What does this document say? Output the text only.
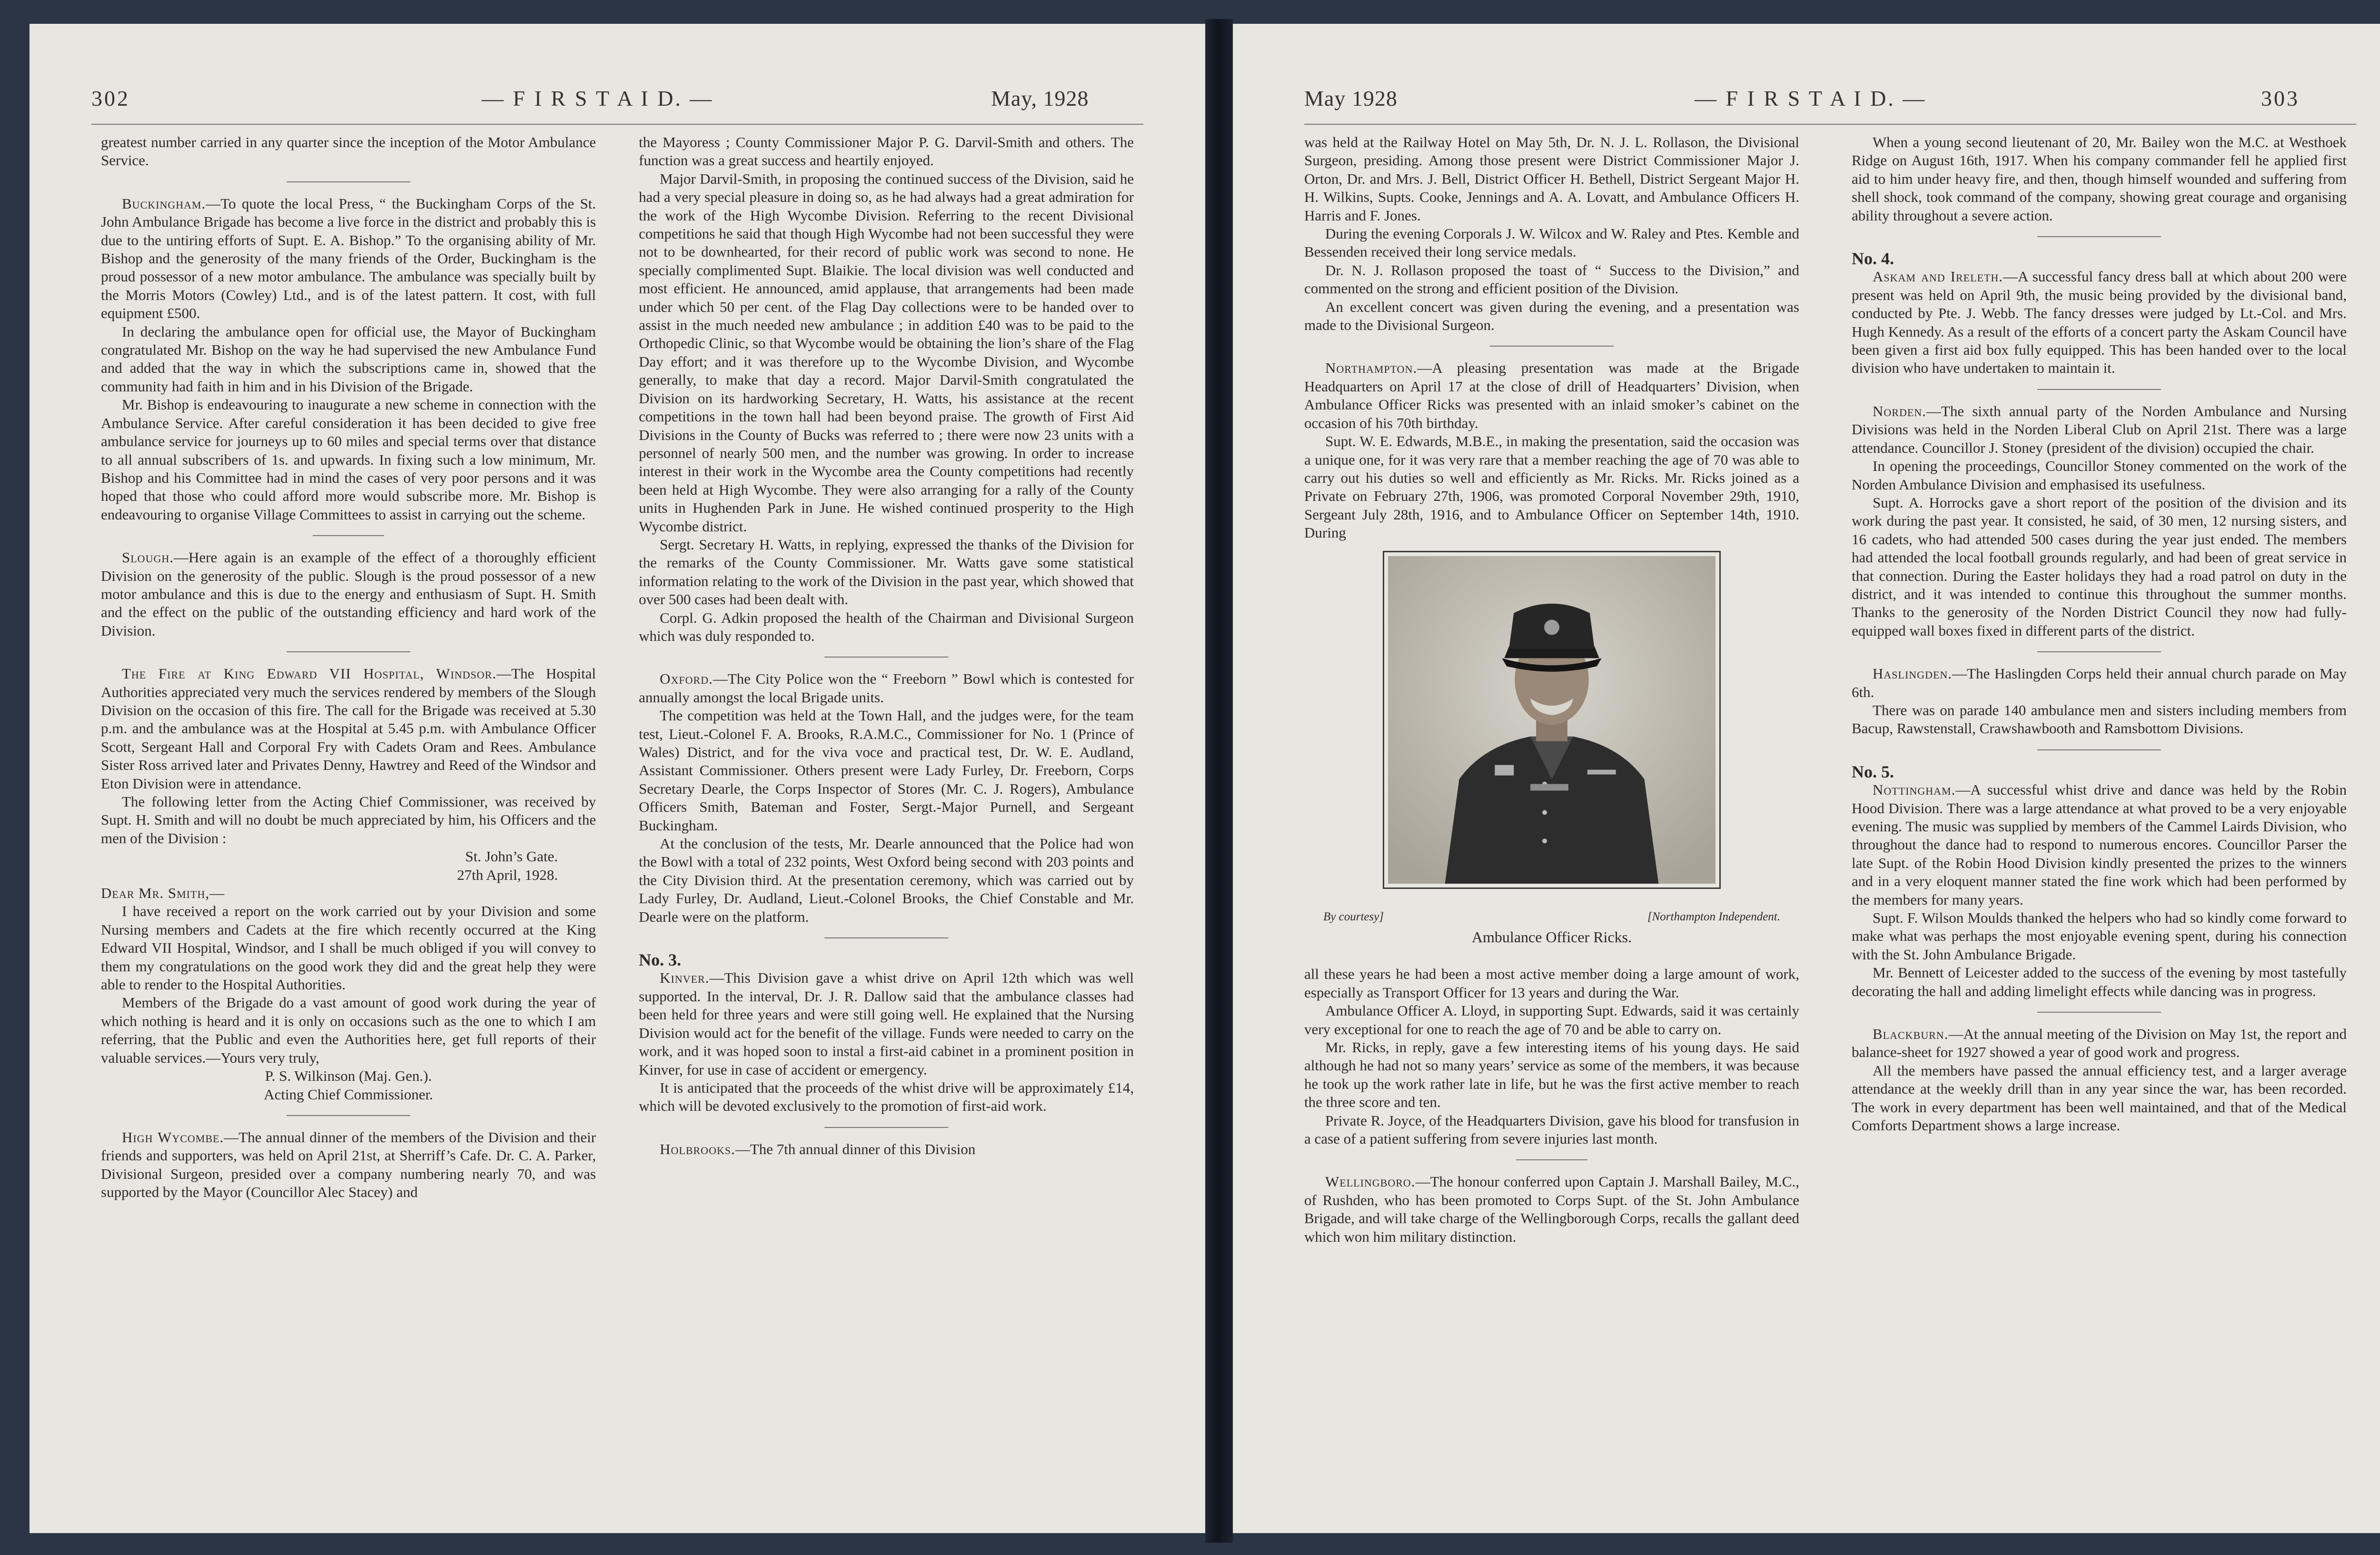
302	— F I R S T A I D. —	May, 1928

greatest number carried in any quarter since the inception of the Motor Ambulance Service.

Buckingham.—To quote the local Press, “ the Buckingham Corps of the St. John Ambulance Brigade has become a live force in the district and probably this is due to the untiring efforts of Supt. E. A. Bishop.” To the organising ability of Mr. Bishop and the generosity of the many friends of the Order, Buckingham is the proud possessor of a new motor ambulance. The ambulance was specially built by the Morris Motors (Cowley) Ltd., and is of the latest pattern. It cost, with full equipment £500.

In declaring the ambulance open for official use, the Mayor of Buckingham congratulated Mr. Bishop on the way he had supervised the new Ambulance Fund and added that the way in which the subscriptions came in, showed that the community had faith in him and in his Division of the Brigade.

Mr. Bishop is endeavouring to inaugurate a new scheme in connection with the Ambulance Service. After careful consideration it has been decided to give free ambulance service for journeys up to 60 miles and special terms over that distance to all annual subscribers of 1s. and upwards. In fixing such a low minimum, Mr. Bishop and his Committee had in mind the cases of very poor persons and it was hoped that those who could afford more would subscribe more. Mr. Bishop is endeavouring to organise Village Committees to assist in carrying out the scheme.

Slough.—Here again is an example of the effect of a thoroughly efficient Division on the generosity of the public. Slough is the proud possessor of a new motor ambulance and this is due to the energy and enthusiasm of Supt. H. Smith and the effect on the public of the outstanding efficiency and hard work of the Division.

The Fire at King Edward VII Hospital, Windsor.—The Hospital Authorities appreciated very much the services rendered by members of the Slough Division on the occasion of this fire. The call for the Brigade was received at 5.30 p.m. and the ambulance was at the Hospital at 5.45 p.m. with Ambulance Officer Scott, Sergeant Hall and Corporal Fry with Cadets Oram and Rees. Ambulance Sister Ross arrived later and Privates Denny, Hawtrey and Reed of the Windsor and Eton Division were in attendance.

The following letter from the Acting Chief Commissioner, was received by Supt. H. Smith and will no doubt be much appreciated by him, his Officers and the men of the Division :

St. John’s Gate.

27th April, 1928.

Dear Mr. Smith,—

I have received a report on the work carried out by your Division and some Nursing members and Cadets at the fire which recently occurred at the King Edward VII Hospital, Windsor, and I shall be much obliged if you will convey to them my congratulations on the good work they did and the great help they were able to render to the Hospital Authorities.

Members of the Brigade do a vast amount of good work during the year of which nothing is heard and it is only on occasions such as the one to which I am referring, that the Public and even the Authorities here, get full reports of their valuable services.—Yours very truly,

P. S. Wilkinson (Maj. Gen.).

Acting Chief Commissioner.

High Wycombe.—The annual dinner of the members of the Division and their friends and supporters, was held on April 21st, at Sherriff’s Cafe. Dr. C. A. Parker, Divisional Surgeon, presided over a company numbering nearly 70, and was supported by the Mayor (Councillor Alec Stacey) and

the Mayoress ; County Commissioner Major P. G. Darvil-Smith and others. The function was a great success and heartily enjoyed.

Major Darvil-Smith, in proposing the continued success of the Division, said he had a very special pleasure in doing so, as he had always had a great admiration for the work of the High Wycombe Division. Referring to the recent Divisional competitions he said that though High Wycombe had not been successful they were not to be downhearted, for their record of public work was second to none. He specially complimented Supt. Blaikie. The local division was well conducted and most efficient. He announced, amid applause, that arrangements had been made under which 50 per cent. of the Flag Day collections were to be handed over to assist in the much needed new ambulance ; in addition £40 was to be paid to the Orthopedic Clinic, so that Wycombe would be obtaining the lion’s share of the Flag Day effort; and it was therefore up to the Wycombe Division, and Wycombe generally, to make that day a record. Major Darvil-Smith congratulated the Division on its hardworking Secretary, H. Watts, his assistance at the recent competitions in the town hall had been beyond praise. The growth of First Aid Divisions in the County of Bucks was referred to ; there were now 23 units with a personnel of nearly 500 men, and the number was growing. In order to increase interest in their work in the Wycombe area the County competitions had recently been held at High Wycombe. They were also arranging for a rally of the County units in Hughenden Park in June. He wished continued prosperity to the High Wycombe district.

Sergt. Secretary H. Watts, in replying, expressed the thanks of the Division for the remarks of the County Commissioner. Mr. Watts gave some statistical information relating to the work of the Division in the past year, which showed that over 500 cases had been dealt with.

Corpl. G. Adkin proposed the health of the Chairman and Divisional Surgeon which was duly responded to.

Oxford.—The City Police won the “ Freeborn ” Bowl which is contested for annually amongst the local Brigade units.

The competition was held at the Town Hall, and the judges were, for the team test, Lieut.-Colonel F. A. Brooks, R.A.M.C., Commissioner for No. 1 (Prince of Wales) District, and for the viva voce and practical test, Dr. W. E. Audland, Assistant Commissioner. Others present were Lady Furley, Dr. Freeborn, Corps Secretary Dearle, the Corps Inspector of Stores (Mr. C. J. Rogers), Ambulance Officers Smith, Bateman and Foster, Sergt.-Major Purnell, and Sergeant Buckingham.

At the conclusion of the tests, Mr. Dearle announced that the Police had won the Bowl with a total of 232 points, West Oxford being second with 203 points and the City Division third. At the presentation ceremony, which was carried out by Lady Furley, Dr. Audland, Lieut.-Colonel Brooks, the Chief Constable and Mr. Dearle were on the platform.

No. 3.

Kinver.—This Division gave a whist drive on April 12th which was well supported. In the interval, Dr. J. R. Dallow said that the ambulance classes had been held for three years and were still going well. He explained that the Nursing Division would act for the benefit of the village. Funds were needed to carry on the work, and it was hoped soon to instal a first-aid cabinet in a prominent position in Kinver, for use in case of accident or emergency.

It is anticipated that the proceeds of the whist drive will be approximately £14, which will be devoted exclusively to the promotion of first-aid work.

Holbrooks.—The 7th annual dinner of this Division

May 1928	— F I R S T A I D. —	303

was held at the Railway Hotel on May 5th, Dr. N. J. L. Rollason, the Divisional Surgeon, presiding. Among those present were District Commissioner Major J. Orton, Dr. and Mrs. J. Bell, District Officer H. Bethell, District Sergeant Major H. H. Wilkins, Supts. Cooke, Jennings and A. A. Lovatt, and Ambulance Officers H. Harris and F. Jones.

During the evening Corporals J. W. Wilcox and W. Raley and Ptes. Kemble and Bessenden received their long service medals.

Dr. N. J. Rollason proposed the toast of “ Success to the Division,” and commented on the strong and efficient position of the Division.

An excellent concert was given during the evening, and a presentation was made to the Divisional Surgeon.

Northampton.—A pleasing presentation was made at the Brigade Headquarters on April 17 at the close of drill of Headquarters’ Division, when Ambulance Officer Ricks was presented with an inlaid smoker’s cabinet on the occasion of his 70th birthday.

Supt. W. E. Edwards, M.B.E., in making the presentation, said the occasion was a unique one, for it was very rare that a member reaching the age of 70 was able to carry out his duties so well and efficiently as Mr. Ricks. Mr. Ricks joined as a Private on February 27th, 1906, was promoted Corporal November 29th, 1910, Sergeant July 28th, 1916, and to Ambulance Officer on September 14th, 1910. During

By courtesy]	[Northampton Independent.
Ambulance Officer Ricks.

all these years he had been a most active member doing a large amount of work, especially as Transport Officer for 13 years and during the War.

Ambulance Officer A. Lloyd, in supporting Supt. Edwards, said it was certainly very exceptional for one to reach the age of 70 and be able to carry on.

Mr. Ricks, in reply, gave a few interesting items of his young days. He said although he had not so many years’ service as some of the members, it was because he took up the work rather late in life, but he was the first active member to reach the three score and ten.

Private R. Joyce, of the Headquarters Division, gave his blood for transfusion in a case of a patient suffering from severe injuries last month.

Wellingboro.—The honour conferred upon Captain J. Marshall Bailey, M.C., of Rushden, who has been promoted to Corps Supt. of the St. John Ambulance Brigade, and will take charge of the Wellingborough Corps, recalls the gallant deed which won him military distinction.

When a young second lieutenant of 20, Mr. Bailey won the M.C. at Westhoek Ridge on August 16th, 1917. When his company commander fell he applied first aid to him under heavy fire, and then, though himself wounded and suffering from shell shock, took command of the company, showing great courage and organising ability throughout a severe action.

No. 4.

Askam and Ireleth.—A successful fancy dress ball at which about 200 were present was held on April 9th, the music being provided by the divisional band, conducted by Pte. J. Webb. The fancy dresses were judged by Lt.-Col. and Mrs. Hugh Kennedy. As a result of the efforts of a concert party the Askam Council have been given a first aid box fully equipped. This has been handed over to the local division who have undertaken to maintain it.

Norden.—The sixth annual party of the Norden Ambulance and Nursing Divisions was held in the Norden Liberal Club on April 21st. There was a large attendance. Councillor J. Stoney (president of the division) occupied the chair.

In opening the proceedings, Councillor Stoney commented on the work of the Norden Ambulance Division and emphasised its usefulness.

Supt. A. Horrocks gave a short report of the position of the division and its work during the past year. It consisted, he said, of 30 men, 12 nursing sisters, and 16 cadets, who had attended 500 cases during the year just ended. The members had attended the local football grounds regularly, and had been of great service in that connection. During the Easter holidays they had a road patrol on duty in the district, and it was intended to continue this throughout the summer months. Thanks to the generosity of the Norden District Council they now had fully-equipped wall boxes fixed in different parts of the district.

Haslingden.—The Haslingden Corps held their annual church parade on May 6th.

There was on parade 140 ambulance men and sisters including members from Bacup, Rawstenstall, Crawshawbooth and Ramsbottom Divisions.

No. 5.

Nottingham.—A successful whist drive and dance was held by the Robin Hood Division. There was a large attendance at what proved to be a very enjoyable evening. The music was supplied by members of the Cammel Lairds Division, who throughout the dance had to respond to numerous encores. Councillor Parser the late Supt. of the Robin Hood Division kindly presented the prizes to the winners and in a very eloquent manner stated the fine work which had been performed by the members for many years.

Supt. F. Wilson Moulds thanked the helpers who had so kindly come forward to make what was perhaps the most enjoyable evening spent, during his connection with the St. John Ambulance Brigade.

Mr. Bennett of Leicester added to the success of the evening by most tastefully decorating the hall and adding limelight effects while dancing was in progress.

Blackburn.—At the annual meeting of the Division on May 1st, the report and balance-sheet for 1927 showed a year of good work and progress.

All the members have passed the annual efficiency test, and a larger average attendance at the weekly drill than in any year since the war, has been recorded. The work in every department has been well maintained, and that of the Medical Comforts Department shows a large increase.
